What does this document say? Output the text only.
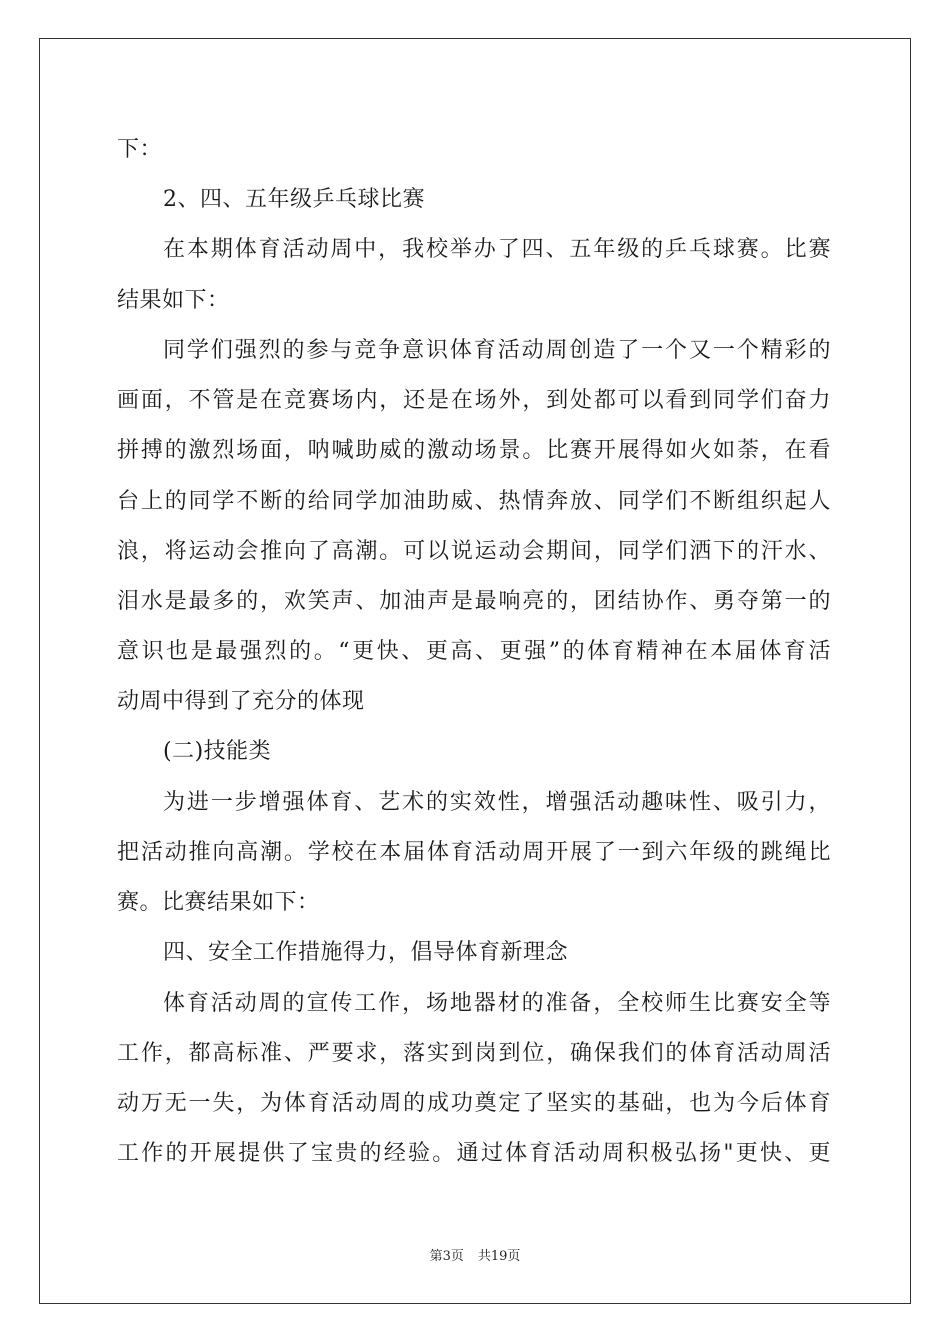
下：
2、四、五年级乒乓球比赛
在本期体育活动周中，我校举办了四、五年级的乒乓球赛。比赛
结果如下：
同学们强烈的参与竞争意识体育活动周创造了一个又一个精彩的
画面，不管是在竞赛场内，还是在场外，到处都可以看到同学们奋力
拼搏的激烈场面，呐喊助威的激动场景。比赛开展得如火如荼，在看
台上的同学不断的给同学加油助威、热情奔放、同学们不断组织起人
浪，将运动会推向了高潮。可以说运动会期间，同学们洒下的汗水、
泪水是最多的，欢笑声、加油声是最响亮的，团结协作、勇夺第一的
意识也是最强烈的。“更快、更高、更强”的体育精神在本届体育活
动周中得到了充分的体现
(二)技能类
为进一步增强体育、艺术的实效性，增强活动趣味性、吸引力，
把活动推向高潮。学校在本届体育活动周开展了一到六年级的跳绳比
赛。比赛结果如下：
四、安全工作措施得力，倡导体育新理念
体育活动周的宣传工作，场地器材的准备，全校师生比赛安全等
工作，都高标准、严要求，落实到岗到位，确保我们的体育活动周活
动万无一失，为体育活动周的成功奠定了坚实的基础，也为今后体育
工作的开展提供了宝贵的经验。通过体育活动周积极弘扬"更快、更
第3页 共19页
